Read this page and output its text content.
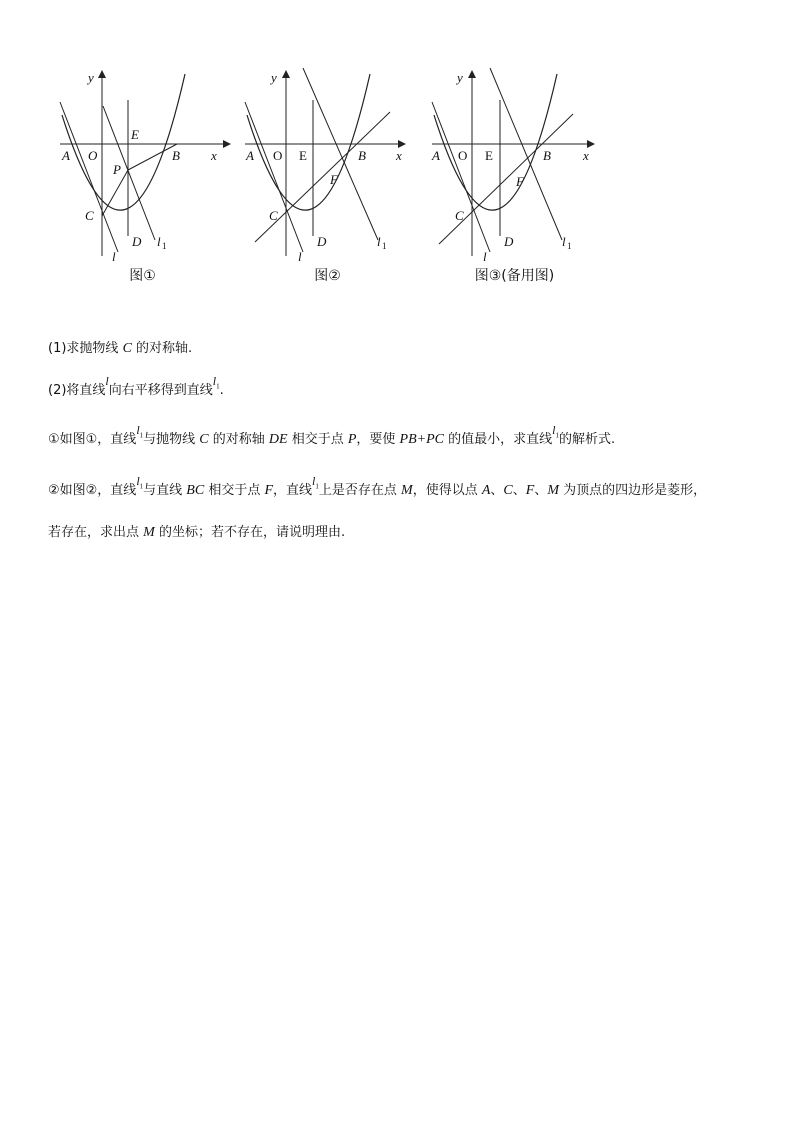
y
x
A O	B
E
P
C
D
l
l 1
图①
y
x
A O E	B
F
C
D
l
l 1
图②
y
x
A O E	B
F
C
D
l
l 1
图③(备用图)
(1)求抛物线 C 的对称轴.
(2)将直线l向右平移得到直线$l_1$.
①如图①，直线$l_1$与抛物线 C 的对称轴 DE 相交于点 P，要使 PB+PC 的值最小，求直线$l_1$的解析式.
②如图②，直线$l_1$与直线 BC 相交于点 F，直线$l_1$上是否存在点 M，使得以点 A、C、F、M 为顶点的四边形是菱形，
若存在，求出点 M 的坐标；若不存在，请说明理由.
